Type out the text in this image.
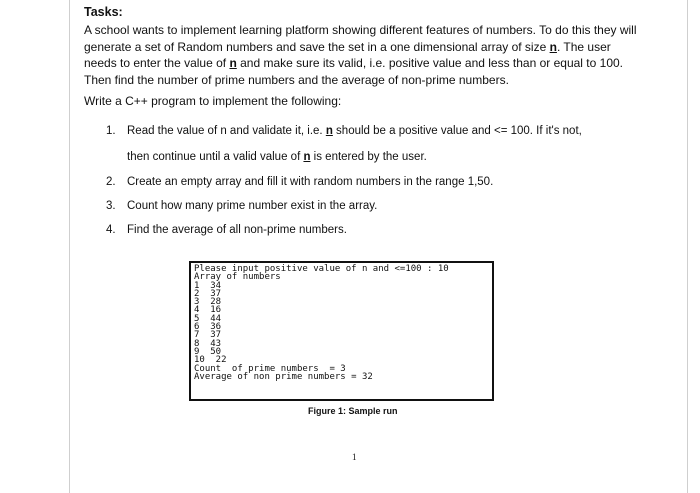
Tasks:
A school wants to implement learning platform showing different features of numbers. To do this they will generate a set of Random numbers and save the set in a one dimensional array of size n. The user needs to enter the value of n and make sure its valid, i.e. positive value and less than or equal to 100. Then find the number of prime numbers and the average of non-prime numbers.
Write a C++ program to implement the following:
1. Read the value of n and validate it, i.e. n should be a positive value and <= 100. If it's not,
then continue until a valid value of n is entered by the user.
2. Create an empty array and fill it with random numbers in the range 1,50.
3. Count how many prime number exist in the array.
4. Find the average of all non-prime numbers.
Please input positive value of n and <=100 : 10
Array of numbers
1  34
2  37
3  28
4  16
5  44
6  36
7  37
8  43
9  50
10  22
Count  of prime numbers  = 3
Average of non prime numbers = 32
Figure 1: Sample run
1
